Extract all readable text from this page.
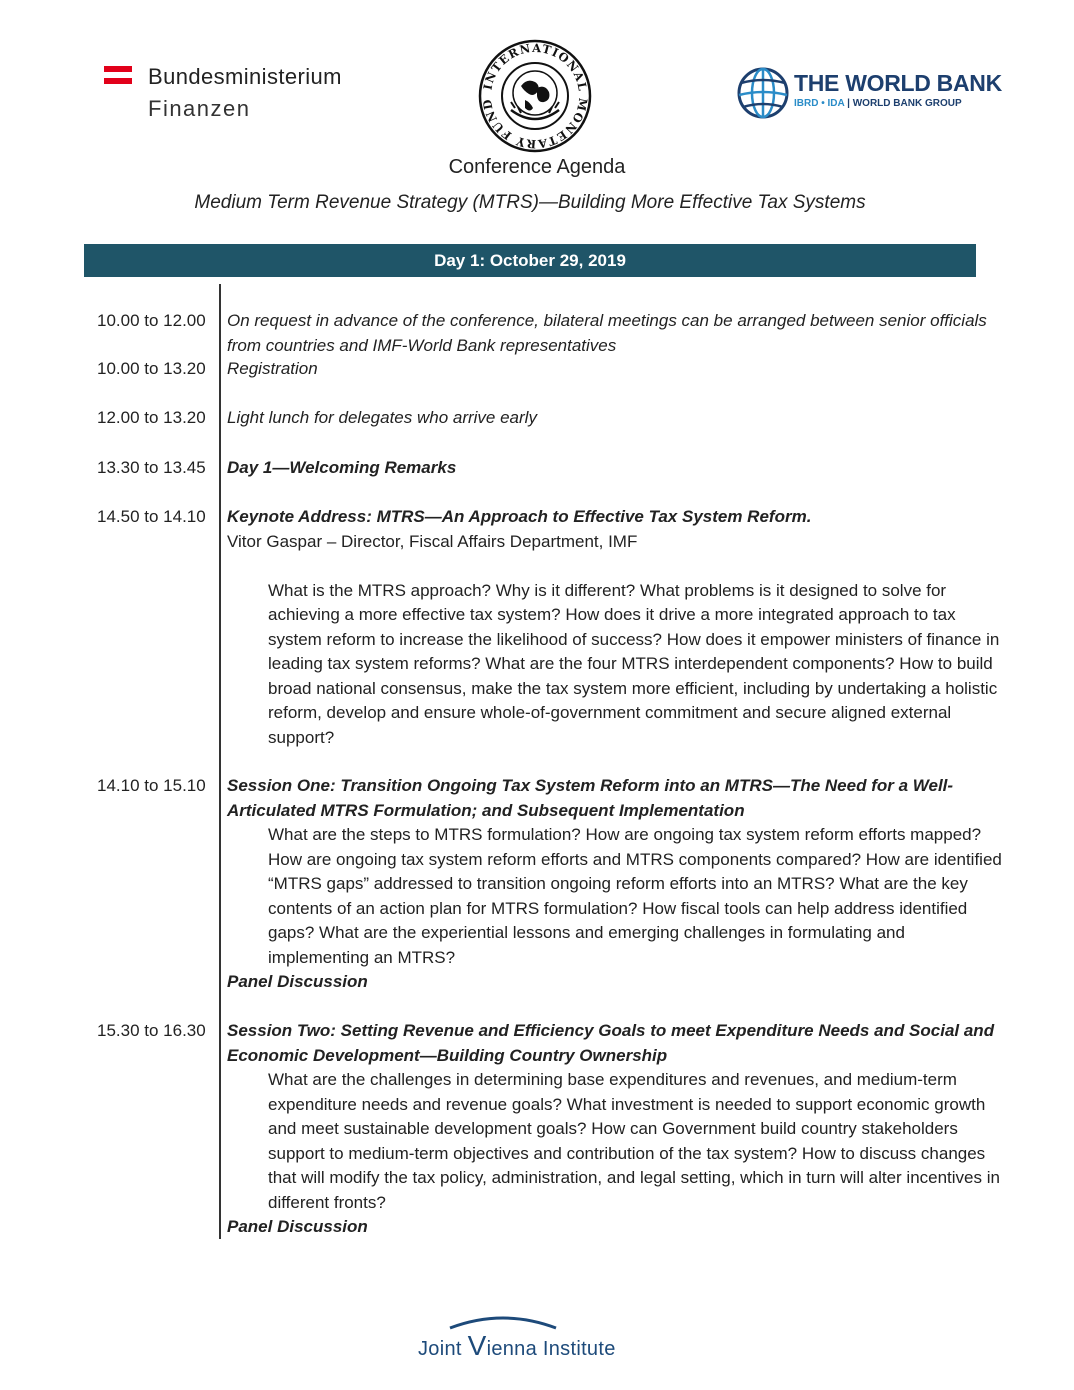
Bundesministerium
Finanzen
INTERNATIONAL MONETARY FUND
THE WORLD BANK
IBRD • IDA | WORLD BANK GROUP
Conference Agenda
Medium Term Revenue Strategy (MTRS)—Building More Effective Tax Systems
Day 1: October 29, 2019
10.00 to 12.00	On request in advance of the conference, bilateral meetings can be arranged between senior officials from countries and IMF-World Bank representatives
10.00 to 13.20	Registration
12.00 to 13.20	Light lunch for delegates who arrive early
13.30 to 13.45	Day 1—Welcoming Remarks
14.50 to 14.10	Keynote Address: MTRS—An Approach to Effective Tax System Reform.
Vitor Gaspar – Director, Fiscal Affairs Department, IMF
What is the MTRS approach? Why is it different? What problems is it designed to solve for achieving a more effective tax system? How does it drive a more integrated approach to tax system reform to increase the likelihood of success? How does it empower ministers of finance in leading tax system reforms? What are the four MTRS interdependent components? How to build broad national consensus, make the tax system more efficient, including by undertaking a holistic reform, develop and ensure whole-of-government commitment and secure aligned external support?
14.10 to 15.10	Session One: Transition Ongoing Tax System Reform into an MTRS—The Need for a Well-Articulated MTRS Formulation; and Subsequent Implementation
What are the steps to MTRS formulation? How are ongoing tax system reform efforts mapped? How are ongoing tax system reform efforts and MTRS components compared? How are identified “MTRS gaps” addressed to transition ongoing reform efforts into an MTRS? What are the key contents of an action plan for MTRS formulation? How fiscal tools can help address identified gaps? What are the experiential lessons and emerging challenges in formulating and implementing an MTRS?
Panel Discussion
15.30 to 16.30	Session Two: Setting Revenue and Efficiency Goals to meet Expenditure Needs and Social and Economic Development—Building Country Ownership
What are the challenges in determining base expenditures and revenues, and medium-term expenditure needs and revenue goals? What investment is needed to support economic growth and meet sustainable development goals? How can Government build country stakeholders support to medium-term objectives and contribution of the tax system? How to discuss changes that will modify the tax policy, administration, and legal setting, which in turn will alter incentives in different fronts?
Panel Discussion
Joint Vienna Institute
